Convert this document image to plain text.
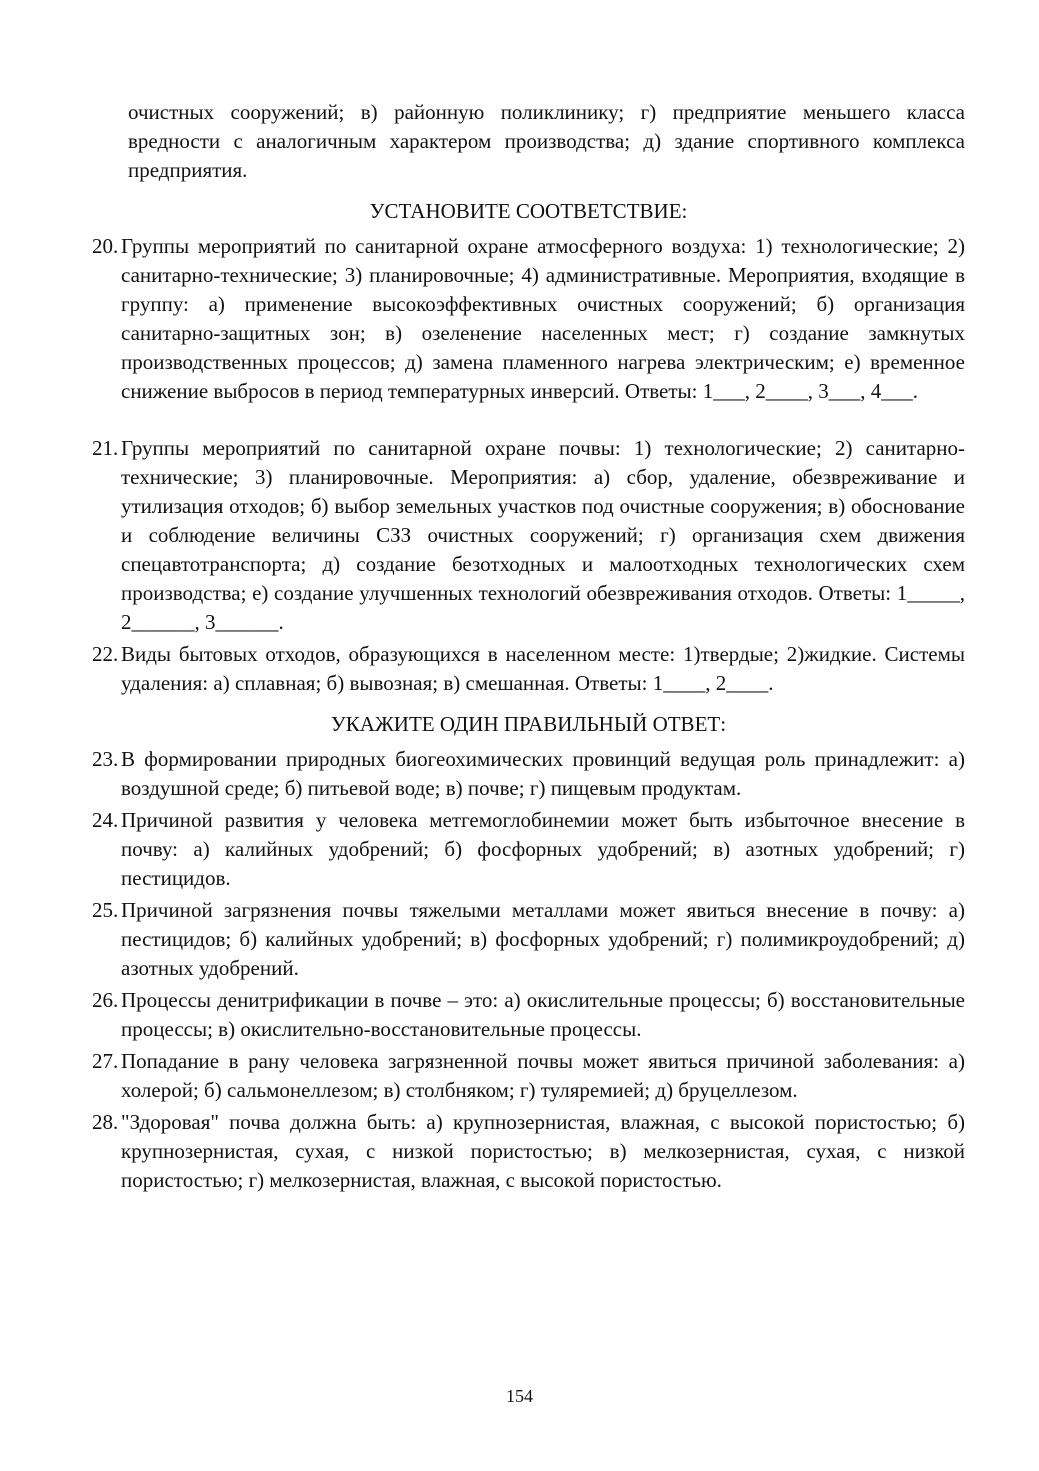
очистных сооружений; в) районную поликлинику; г) предприятие меньшего класса вредности с аналогичным характером производства; д) здание спортивного комплекса предприятия.

УСТАНОВИТЕ СООТВЕТСТВИЕ:

20. Группы мероприятий по санитарной охране атмосферного воздуха: 1) технологические; 2) санитарно-технические; 3) планировочные; 4) административные. Мероприятия, входящие в группу: а) применение высокоэффективных очистных сооружений; б) организация санитарно-защитных зон; в) озеленение населенных мест; г) создание замкнутых производственных процессов; д) замена пламенного нагрева электрическим; е) временное снижение выбросов в период температурных инверсий. Ответы: 1___, 2____, 3___, 4___.

21. Группы мероприятий по санитарной охране почвы: 1) технологические; 2) санитарно-технические; 3) планировочные. Мероприятия: а) сбор, удаление, обезвреживание и утилизация отходов; б) выбор земельных участков под очистные сооружения; в) обоснование и соблюдение величины СЗЗ очистных сооружений; г) организация схем движения спецавтотранспорта; д) создание безотходных и малоотходных технологических схем производства; е) создание улучшенных технологий обезвреживания отходов. Ответы: 1_____, 2______, 3______.

22. Виды бытовых отходов, образующихся в населенном месте: 1)твердые; 2)жидкие. Системы удаления: а) сплавная; б) вывозная; в) смешанная. Ответы: 1____, 2____.

УКАЖИТЕ ОДИН ПРАВИЛЬНЫЙ ОТВЕТ:

23. В формировании природных биогеохимических провинций ведущая роль принадлежит: а) воздушной среде; б) питьевой воде; в) почве; г) пищевым продуктам.

24. Причиной развития у человека метгемоглобинемии может быть избыточное внесение в почву: а) калийных удобрений; б) фосфорных удобрений; в) азотных удобрений; г) пестицидов.

25. Причиной загрязнения почвы тяжелыми металлами может явиться внесение в почву: а) пестицидов; б) калийных удобрений; в) фосфорных удобрений; г) полимикроудобрений; д) азотных удобрений.

26. Процессы денитрификации в почве – это: а) окислительные процессы; б) восстановительные процессы; в) окислительно-восстановительные процессы.

27. Попадание в рану человека загрязненной почвы может явиться причиной заболевания: а) холерой; б) сальмонеллезом; в) столбняком; г) туляремией; д) бруцеллезом.

28. "Здоровая" почва должна быть: а) крупнозернистая, влажная, с высокой пористостью; б) крупнозернистая, сухая, с низкой пористостью; в) мелкозернистая, сухая, с низкой пористостью; г) мелкозернистая, влажная, с высокой пористостью.

154
